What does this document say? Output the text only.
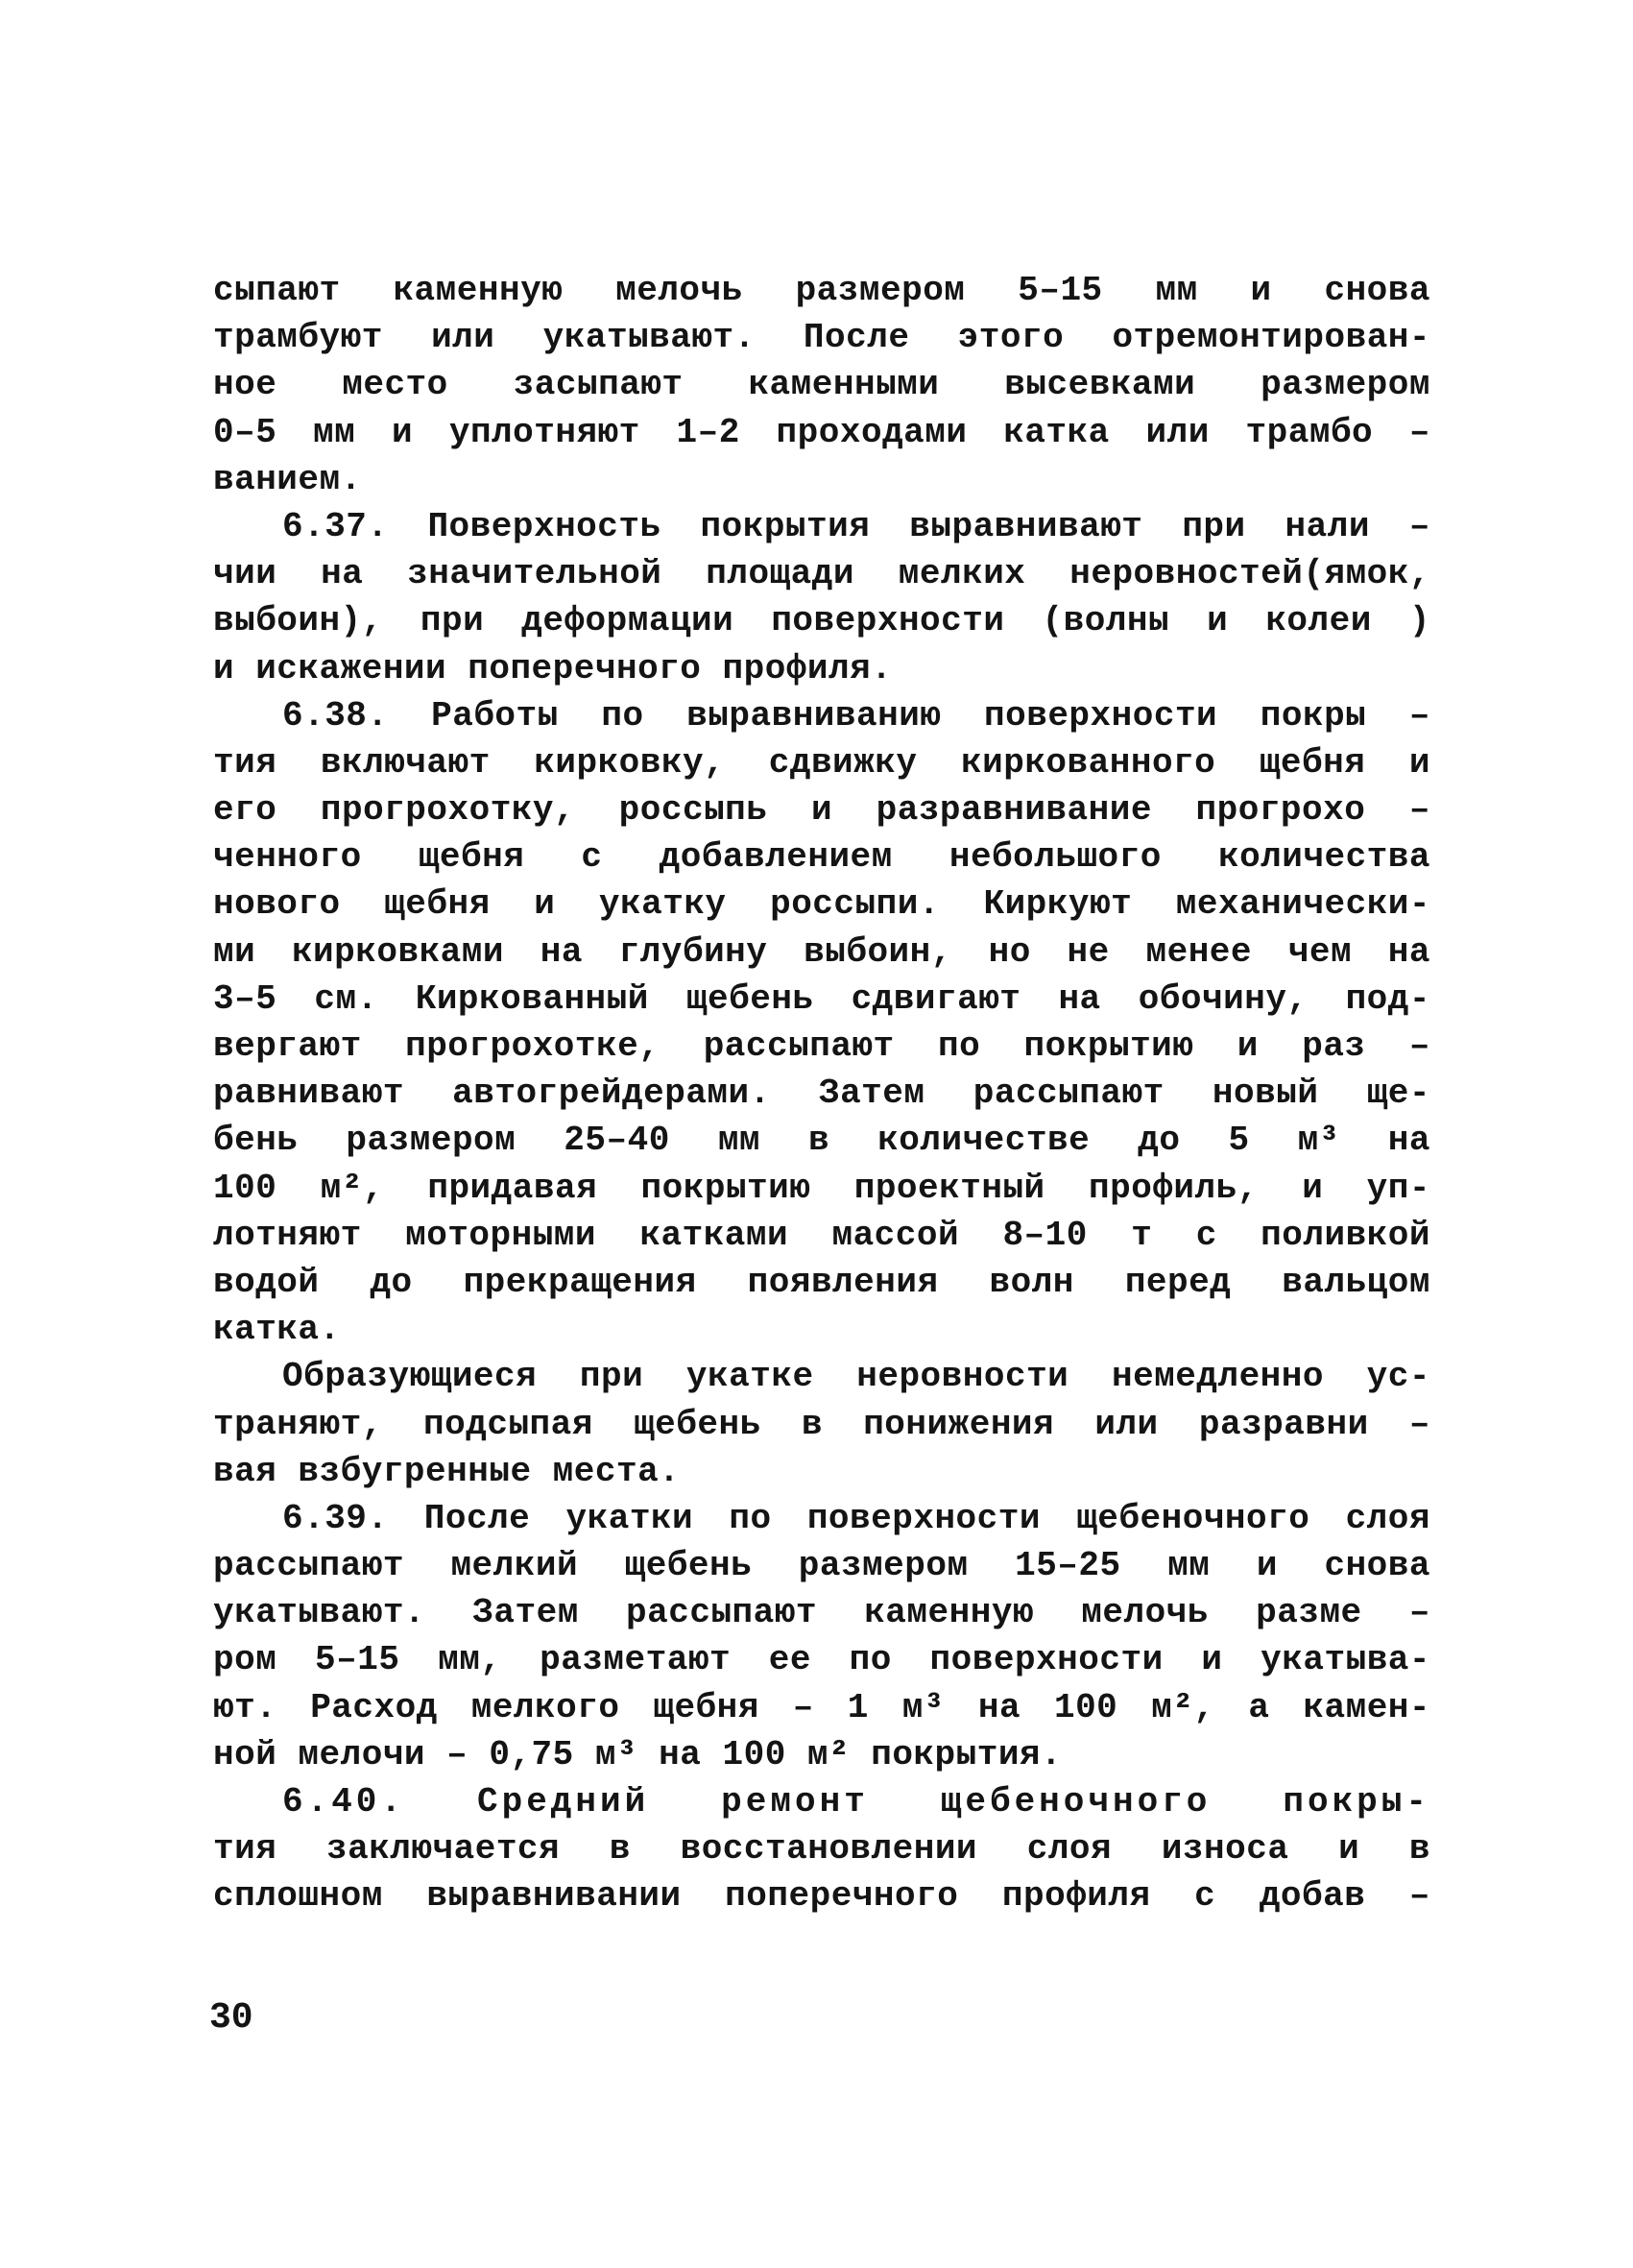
сыпают каменную мелочь размером 5–15 мм и снова
трамбуют или укатывают. После этого отремонтирован-
ное место засыпают каменными высевками размером
0–5 мм и уплотняют 1–2 проходами катка или трамбо –
ванием.
6.37. Поверхность покрытия выравнивают при нали –
чии на значительной площади мелких неровностей(ямок,
выбоин), при деформации поверхности (волны и колеи )
и искажении поперечного профиля.
6.38. Работы по выравниванию поверхности покры –
тия включают кирковку, сдвижку киркованного щебня и
его прогрохотку, россыпь и разравнивание прогрохо –
ченного щебня с добавлением небольшого количества
нового щебня и укатку россыпи. Киркуют механически-
ми кирковками на глубину выбоин, но не менее чем на
3–5 см. Киркованный щебень сдвигают на обочину, под-
вергают прогрохотке, рассыпают по покрытию и раз –
равнивают автогрейдерами. Затем рассыпают новый ще-
бень размером 25–40 мм в количестве до 5 м³ на
100 м², придавая покрытию проектный профиль, и уп-
лотняют моторными катками массой 8–10 т с поливкой
водой до прекращения появления волн перед вальцом
катка.
Образующиеся при укатке неровности немедленно ус-
траняют, подсыпая щебень в понижения или разравни –
вая взбугренные места.
6.39. После укатки по поверхности щебеночного слоя
рассыпают мелкий щебень размером 15–25 мм и снова
укатывают. Затем рассыпают каменную мелочь разме –
ром 5–15 мм, разметают ее по поверхности и укатыва-
ют. Расход мелкого щебня – 1 м³ на 100 м², а камен-
ной мелочи – 0,75 м³ на 100 м² покрытия.
6.40. Средний ремонт щебеночного покры-
тия заключается в восстановлении слоя износа и в
сплошном выравнивании поперечного профиля с добав –
30
